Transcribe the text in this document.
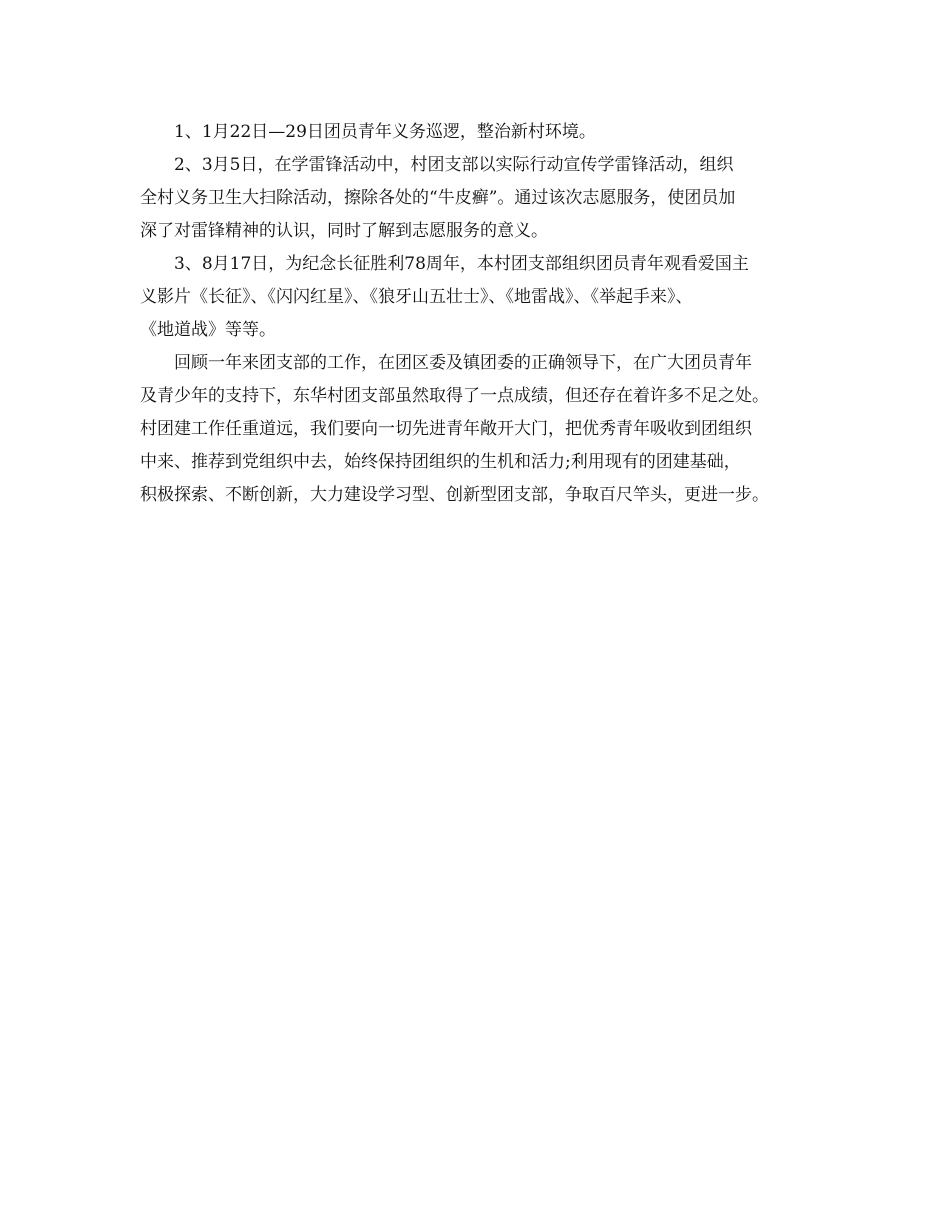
1、1月22日—29日团员青年义务巡逻，整治新村环境。
2、3月5日，在学雷锋活动中，村团支部以实际行动宣传学雷锋活动，组织
全村义务卫生大扫除活动，擦除各处的“牛皮癣”。通过该次志愿服务，使团员加
深了对雷锋精神的认识，同时了解到志愿服务的意义。
3、8月17日，为纪念长征胜利78周年，本村团支部组织团员青年观看爱国主
义影片《长征》、《闪闪红星》、《狼牙山五壮士》、《地雷战》、《举起手来》、
《地道战》等等。
回顾一年来团支部的工作，在团区委及镇团委的正确领导下，在广大团员青年
及青少年的支持下，东华村团支部虽然取得了一点成绩，但还存在着许多不足之处。
村团建工作任重道远，我们要向一切先进青年敞开大门，把优秀青年吸收到团组织
中来、推荐到党组织中去，始终保持团组织的生机和活力;利用现有的团建基础，
积极探索、不断创新，大力建设学习型、创新型团支部，争取百尺竿头，更进一步。
